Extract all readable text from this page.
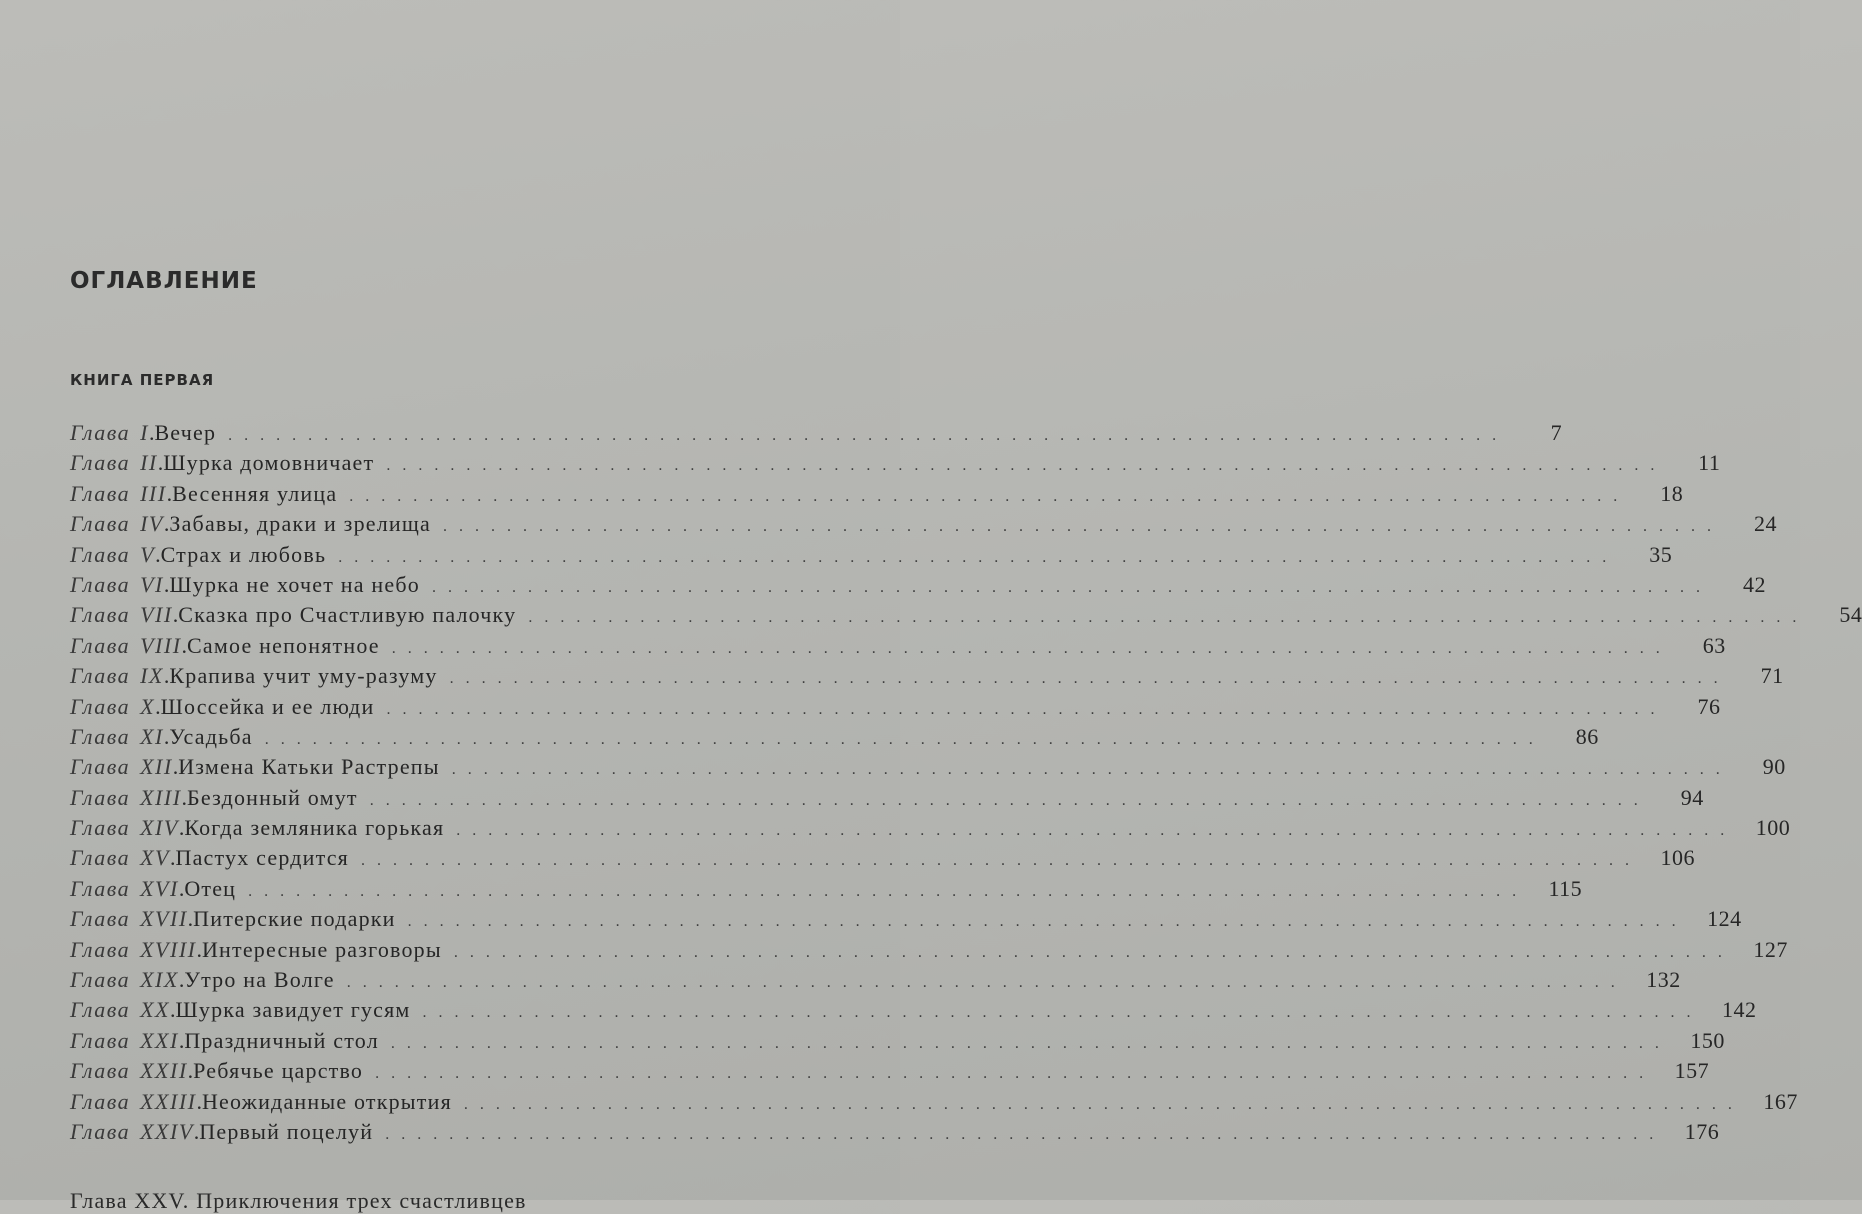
ОГЛАВЛЕНИЕ
КНИГА ПЕРВАЯ
Глава I . Вечер ................................................................................	7
Глава II . Шурка домовничает ................................................................................	11
Глава III . Весенняя улица ................................................................................	18
Глава IV . Забавы, драки и зрелища ................................................................................	24
Глава V . Страх и любовь ................................................................................	35
Глава VI . Шурка не хочет на небо ................................................................................	42
Глава VII . Сказка про Счастливую палочку ................................................................................	54
Глава VIII . Самое непонятное ................................................................................	63
Глава IX . Крапива учит уму-разуму ................................................................................	71
Глава X . Шоссейка и ее люди ................................................................................	76
Глава XI . Усадьба ................................................................................	86
Глава XII . Измена Катьки Растрепы ................................................................................	90
Глава XIII . Бездонный омут ................................................................................	94
Глава XIV . Когда земляника горькая ................................................................................ 100
Глава XV . Пастух сердится ................................................................................ 106
Глава XVI . Отец ................................................................................ 115
Глава XVII . Питерские подарки ................................................................................ 124
Глава XVIII . Интересные разговоры ................................................................................ 127
Глава XIX . Утро на Волге ................................................................................ 132
Глава XX . Шурка завидует гусям ................................................................................ 142
Глава XXI . Праздничный стол ................................................................................ 150
Глава XXII . Ребячье царство ................................................................................ 157
Глава XXIII . Неожиданные открытия ................................................................................ 167
Глава XXIV . Первый поцелуй ................................................................................ 176
Глава XXV. Приключения трех счастливцев
